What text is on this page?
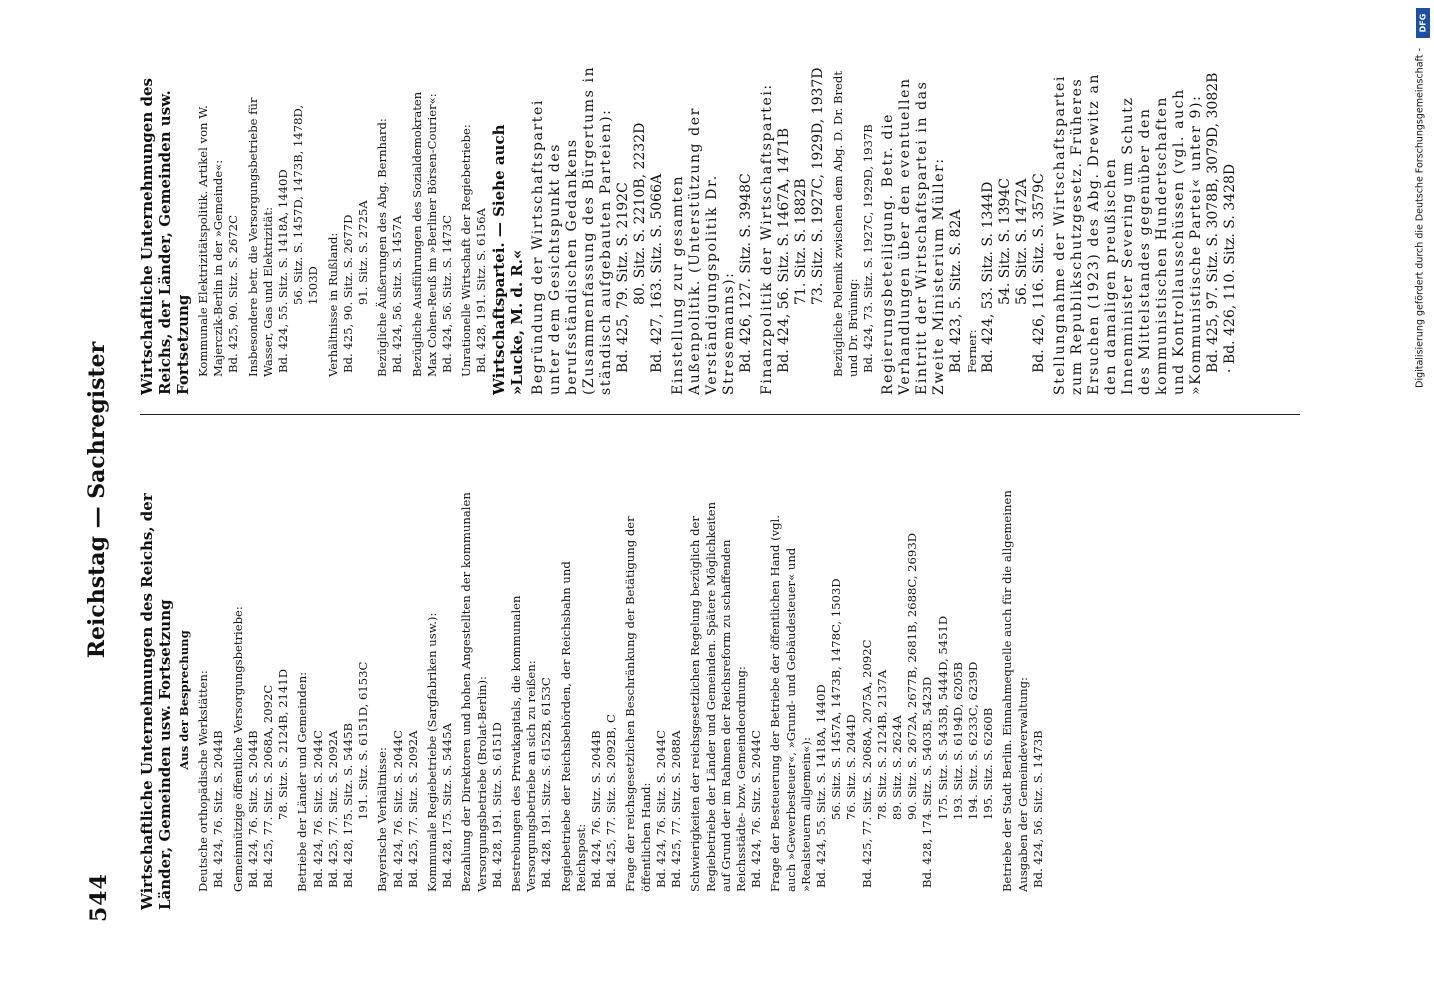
544
Reichstag — Sachregister Wirtschaftliche Unternehmungen des Reichs, der Länder, Gemeinden usw. Fortsetzung Aus der Besprechung Deutsche orthopädische Werkstätten: Bd. 424, 76. Sitz. S. 2044B Gemeinnützige öffentliche Versorgungsbetriebe: Bd. 424, 76. Sitz. S. 2044B Bd. 425, 77. Sitz. S. 2068A, 2092C 78. Sitz. S. 2124B, 2141D Betriebe der Länder und Gemeinden: Bd. 424, 76. Sitz. S. 2044C Bd. 425, 77. Sitz. S. 2092A Bd. 428, 175. Sitz. S. 5445B 191. Sitz. S. 6151D, 6153C Bayerische Verhältnisse: Bd. 424, 76. Sitz. S. 2044C Bd. 425, 77. Sitz. S. 2092A Kommunale Regiebetriebe (Sargfabriken usw.): Bd. 428, 175. Sitz. S. 5445A Bezahlung der Direktoren und hohen Angestellten der kommunalen Versorgungsbetriebe (Brolat-Berlin): Bd. 428, 191. Sitz. S. 6151D Bestrebungen des Privatkapitals, die kommunalen Versorgungsbetriebe an sich zu reißen: Bd. 428, 191. Sitz. S. 6152B, 6153C Regiebetriebe der Reichsbehörden, der Reichsbahn und Reichspost: Bd. 424, 76. Sitz. S. 2044B Bd. 425, 77. Sitz. S. 2092B, C Frage der reichsgesetzlichen Beschränkung der Betätigung der öffentlichen Hand: Bd. 424, 76. Sitz. S. 2044C Bd. 425, 77. Sitz. S. 2088A Schwierigkeiten der reichsgesetzlichen Regelung bezüglich der Regiebetriebe der Länder und Gemeinden. Spätere Möglichkeiten auf Grund der im Rahmen der Reichsreform zu schaffenden Reichsstädte- bzw. Gemeindeordnung: Bd. 424, 76. Sitz. S. 2044C Frage der Besteuerung der Betriebe der öffentlichen Hand (vgl. auch »Gewerbesteuer«, »Grund- und Gebäudesteuer« und »Realsteuern allgemein«): Bd. 424, 55. Sitz. S. 1418A, 1440D 56. Sitz. S. 1457A, 1473B, 1478C, 1503D 76. Sitz. S. 2044D Bd. 425, 77. Sitz. S. 2068A, 2075A, 2092C 78. Sitz. S. 2124B, 2137A 89. Sitz. S. 2624A 90. Sitz. S. 2672A, 2677B, 2681B, 2688C, 2693D Bd. 428, 174. Sitz. S. 5403B, 5423D 175. Sitz. S. 5435B, 5444D, 5451D 193. Sitz. S. 6194D, 6205B 194. Sitz. S. 6233C, 6239D 195. Sitz. S. 6260B Betriebe der Stadt Berlin. Einnahmequelle auch für die allgemeinen Ausgaben der Gemeindeverwaltung: Bd. 424, 56. Sitz. S. 1473B
Wirtschaftliche Unternehmungen des Reichs, der Länder, Gemeinden usw. Fortsetzung Kommunale Elektrizitätspolitik. Artikel von W. Majerczik-Berlin in der »Gemeinde«: Bd. 425, 90. Sitz. S. 2672C Insbesondere betr. die Versorgungsbetriebe für Wasser, Gas und Elektrizität: Bd. 424, 55. Sitz. S. 1418A, 1440D 56. Sitz. S. 1457D, 1473B, 1478D, 1503D Verhältnisse in Rußland: Bd. 425, 90. Sitz. S. 2677D 91. Sitz. S. 2725A Bezügliche Äußerungen des Abg. Bernhard: Bd. 424, 56. Sitz. S. 1457A Bezügliche Ausführungen des Sozialdemokraten Max Cohen-Reuß im »Berliner Börsen-Courier«: Bd. 424, 56. Sitz. S. 1473C Unrationelle Wirtschaft der Regiebetriebe: Bd. 428, 191. Sitz. S. 6156A Wirtschaftspartei. — Siehe auch »Lucke, M. d. R.« Begründung der Wirtschaftspartei unter dem Gesichtspunkt des berufsständischen Gedankens (Zusammenfassung des Bürgertums in ständisch aufgebauten Parteien): Bd. 425, 79. Sitz. S. 2192C 80. Sitz. S. 2210B, 2232D Bd. 427, 163. Sitz. S. 5066A Einstellung zur gesamten Außenpolitik. (Unterstützung der Verständigungspolitik Dr. Stresemanns): Bd. 426, 127. Sitz. S. 3948C Finanzpolitik der Wirtschaftspartei: Bd. 424, 56. Sitz. S. 1467A, 1471B 71. Sitz. S. 1882B 73. Sitz. S. 1927C, 1929D, 1937D Bezügliche Polemik zwischen dem Abg. D. Dr. Bredt und Dr. Brüning: Bd. 424, 73. Sitz. S. 1927C, 1929D, 1937B Regierungsbeteiligung. Betr. die Verhandlungen über den eventuellen Eintritt der Wirtschaftspartei in das Zweite Ministerium Müller: Bd. 423, 5. Sitz. S. 82A Ferner: Bd. 424, 53. Sitz. S. 1344D 54. Sitz. S. 1394C 56. Sitz. S. 1472A Bd. 426, 116. Sitz. S. 3579C Stellungnahme der Wirtschaftspartei zum Republikschutzgesetz. Früheres Ersuchen (1923) des Abg. Drewitz an den damaligen preußischen Innenminister Severing um Schutz des Mittelstandes gegenüber den kommunistischen Hundertschaften und Kontrollausschüssen (vgl. auch »Kommunistische Partei« unter 9): Bd. 425, 97. Sitz. S. 3078B, 3079D, 3082B · Bd. 426, 110. Sitz. S. 3428D	Digitalisierung gefördert durch die Deutsche Forschungsgemeinschaft -
DFG
